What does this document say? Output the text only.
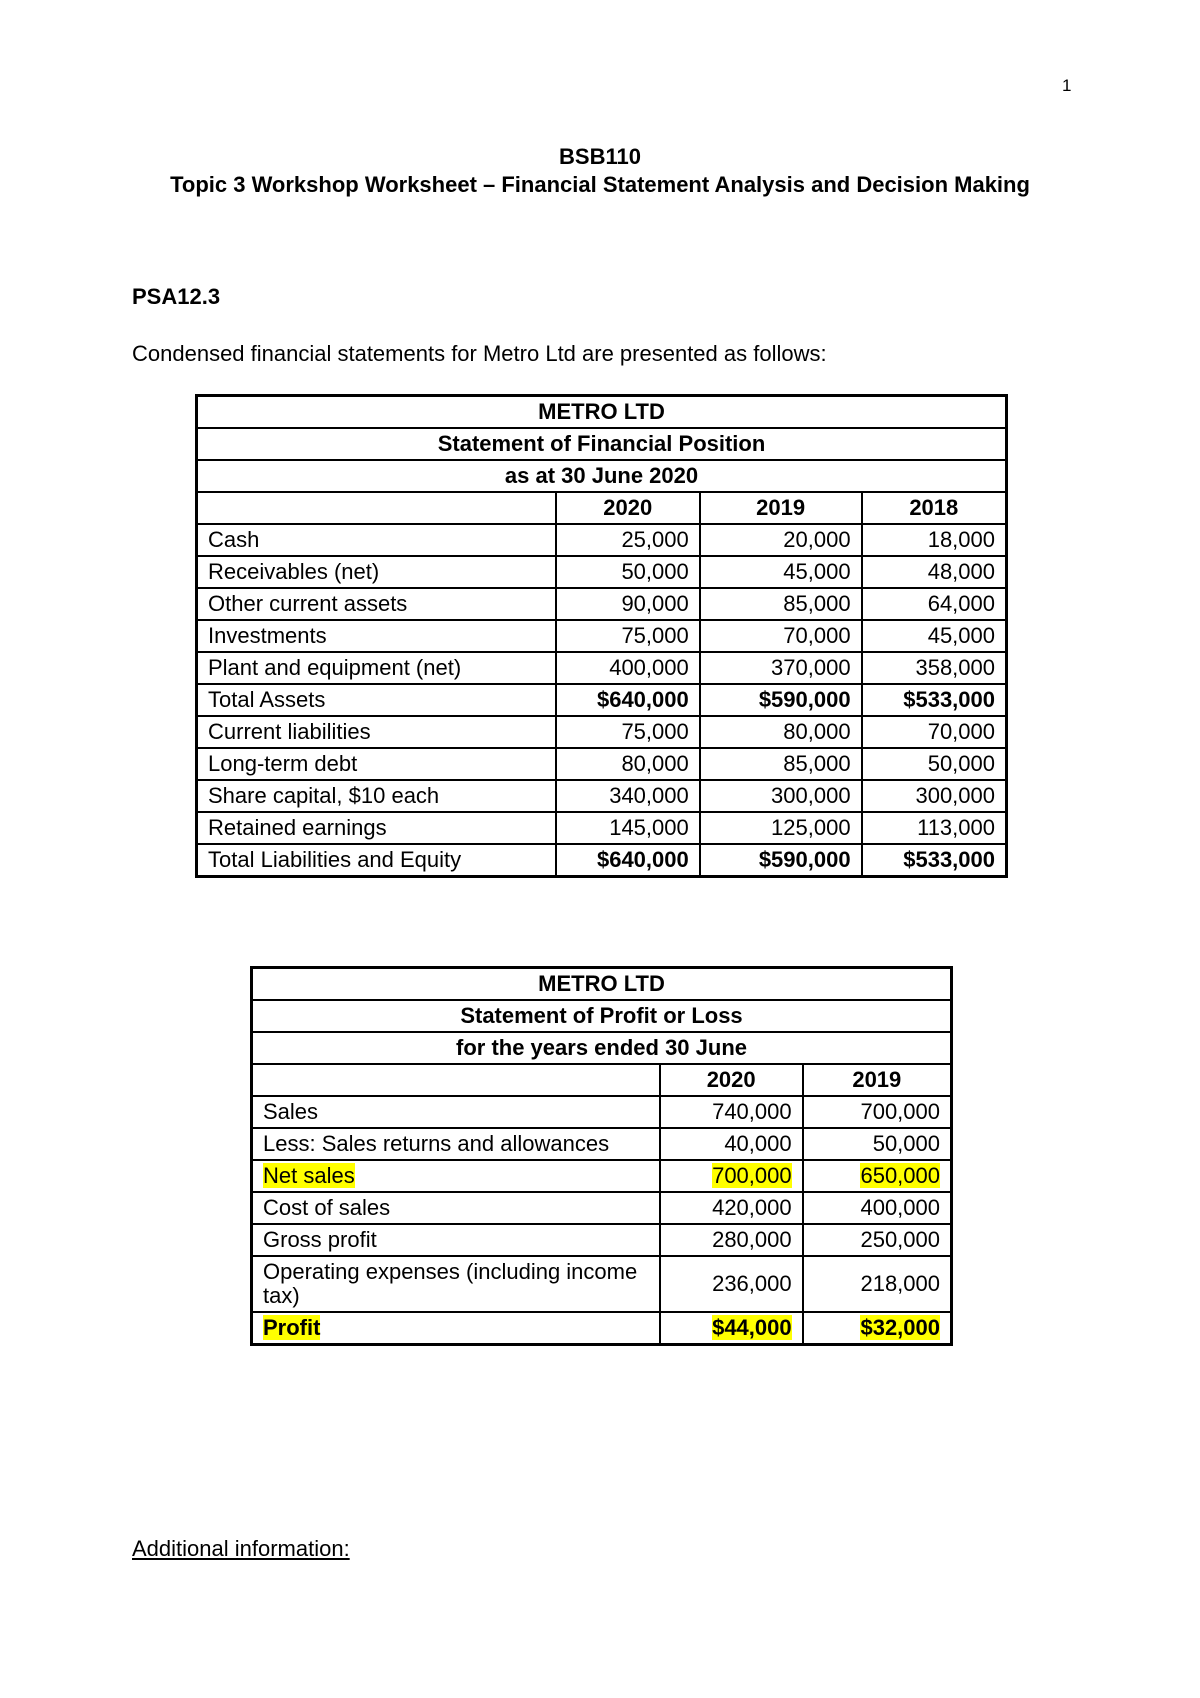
1
BSB110
Topic 3 Workshop Worksheet – Financial Statement Analysis and Decision Making
PSA12.3
Condensed financial statements for Metro Ltd are presented as follows:
METRO LTD			
Statement of Financial Position			
as at 30 June 2020			
	2020	2019	2018
Cash	25,000	20,000	18,000
Receivables (net)	50,000	45,000	48,000
Other current assets	90,000	85,000	64,000
Investments	75,000	70,000	45,000
Plant and equipment (net)	400,000	370,000	358,000
Total Assets	$640,000	$590,000	$533,000
Current liabilities	75,000	80,000	70,000
Long-term debt	80,000	85,000	50,000
Share capital, $10 each	340,000	300,000	300,000
Retained earnings	145,000	125,000	113,000
Total Liabilities and Equity	$640,000	$590,000	$533,000
METRO LTD		
Statement of Profit or Loss		
for the years ended 30 June		
	2020	2019
Sales	740,000	700,000
Less: Sales returns and allowances	40,000	50,000
Net sales	700,000	650,000
Cost of sales	420,000	400,000
Gross profit	280,000	250,000
Operating expenses (including income tax)	236,000	218,000
Profit	$44,000	$32,000
Additional information:
